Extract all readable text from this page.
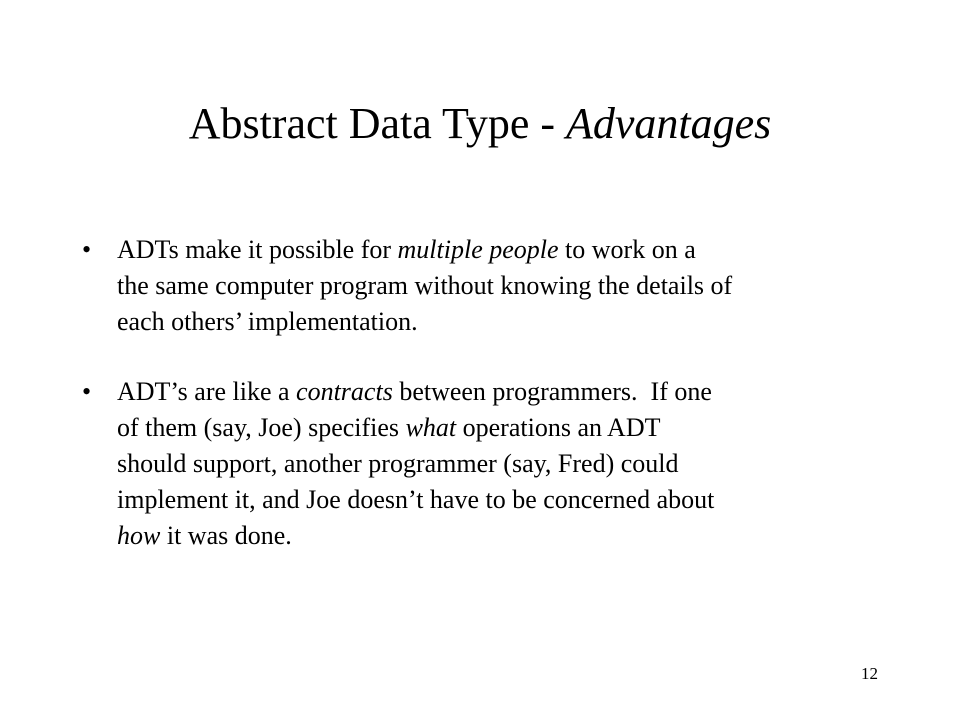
Abstract Data Type - Advantages
• ADTs make it possible for multiple people to work on a
the same computer program without knowing the details of
each others’ implementation.
• ADT’s are like a contracts between programmers.  If one
of them (say, Joe) specifies what operations an ADT
should support, another programmer (say, Fred) could
implement it, and Joe doesn’t have to be concerned about
how it was done.
12
